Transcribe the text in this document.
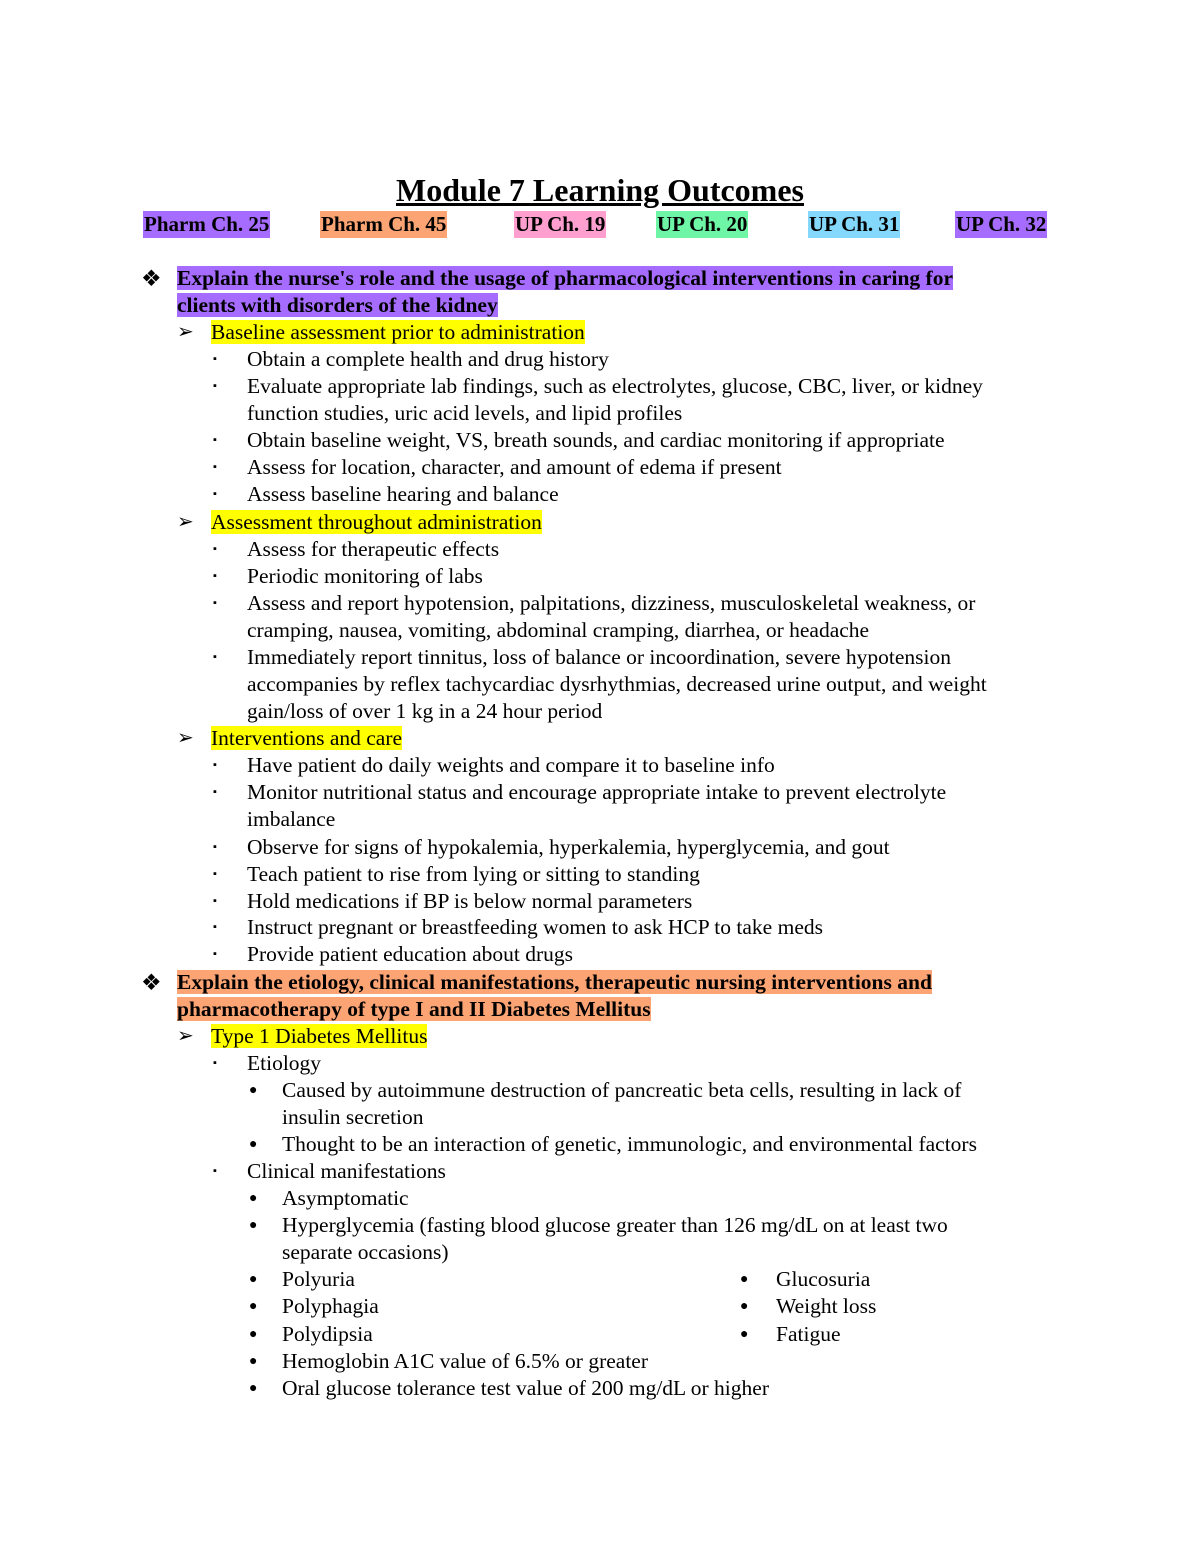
Module 7 Learning Outcomes
Pharm Ch. 25 Pharm Ch. 45	UP Ch. 19 UP Ch. 20	UP Ch. 31	UP Ch. 32
❖ Explain the nurse's role and the usage of pharmacological interventions in caring for
clients with disorders of the kidney
➢ Baseline assessment prior to administration
▪ Obtain a complete health and drug history
▪ Evaluate appropriate lab findings, such as electrolytes, glucose, CBC, liver, or kidney
function studies, uric acid levels, and lipid profiles
▪ Obtain baseline weight, VS, breath sounds, and cardiac monitoring if appropriate
▪ Assess for location, character, and amount of edema if present
▪ Assess baseline hearing and balance
➢ Assessment throughout administration
▪ Assess for therapeutic effects
▪ Periodic monitoring of labs
▪ Assess and report hypotension, palpitations, dizziness, musculoskeletal weakness, or
cramping, nausea, vomiting, abdominal cramping, diarrhea, or headache
▪ Immediately report tinnitus, loss of balance or incoordination, severe hypotension
accompanies by reflex tachycardiac dysrhythmias, decreased urine output, and weight
gain/loss of over 1 kg in a 24 hour period
➢ Interventions and care
▪ Have patient do daily weights and compare it to baseline info
▪ Monitor nutritional status and encourage appropriate intake to prevent electrolyte
imbalance
▪ Observe for signs of hypokalemia, hyperkalemia, hyperglycemia, and gout
▪ Teach patient to rise from lying or sitting to standing
▪ Hold medications if BP is below normal parameters
▪ Instruct pregnant or breastfeeding women to ask HCP to take meds
▪ Provide patient education about drugs
❖ Explain the etiology, clinical manifestations, therapeutic nursing interventions and
pharmacotherapy of type I and II Diabetes Mellitus
➢ Type 1 Diabetes Mellitus
▪ Etiology
● Caused by autoimmune destruction of pancreatic beta cells, resulting in lack of
insulin secretion
● Thought to be an interaction of genetic, immunologic, and environmental factors
▪ Clinical manifestations
● Asymptomatic
● Hyperglycemia (fasting blood glucose greater than 126 mg/dL on at least two
separate occasions)
● Polyuria	● Glucosuria
● Polyphagia	● Weight loss
● Polydipsia	● Fatigue
● Hemoglobin A1C value of 6.5% or greater
● Oral glucose tolerance test value of 200 mg/dL or higher
